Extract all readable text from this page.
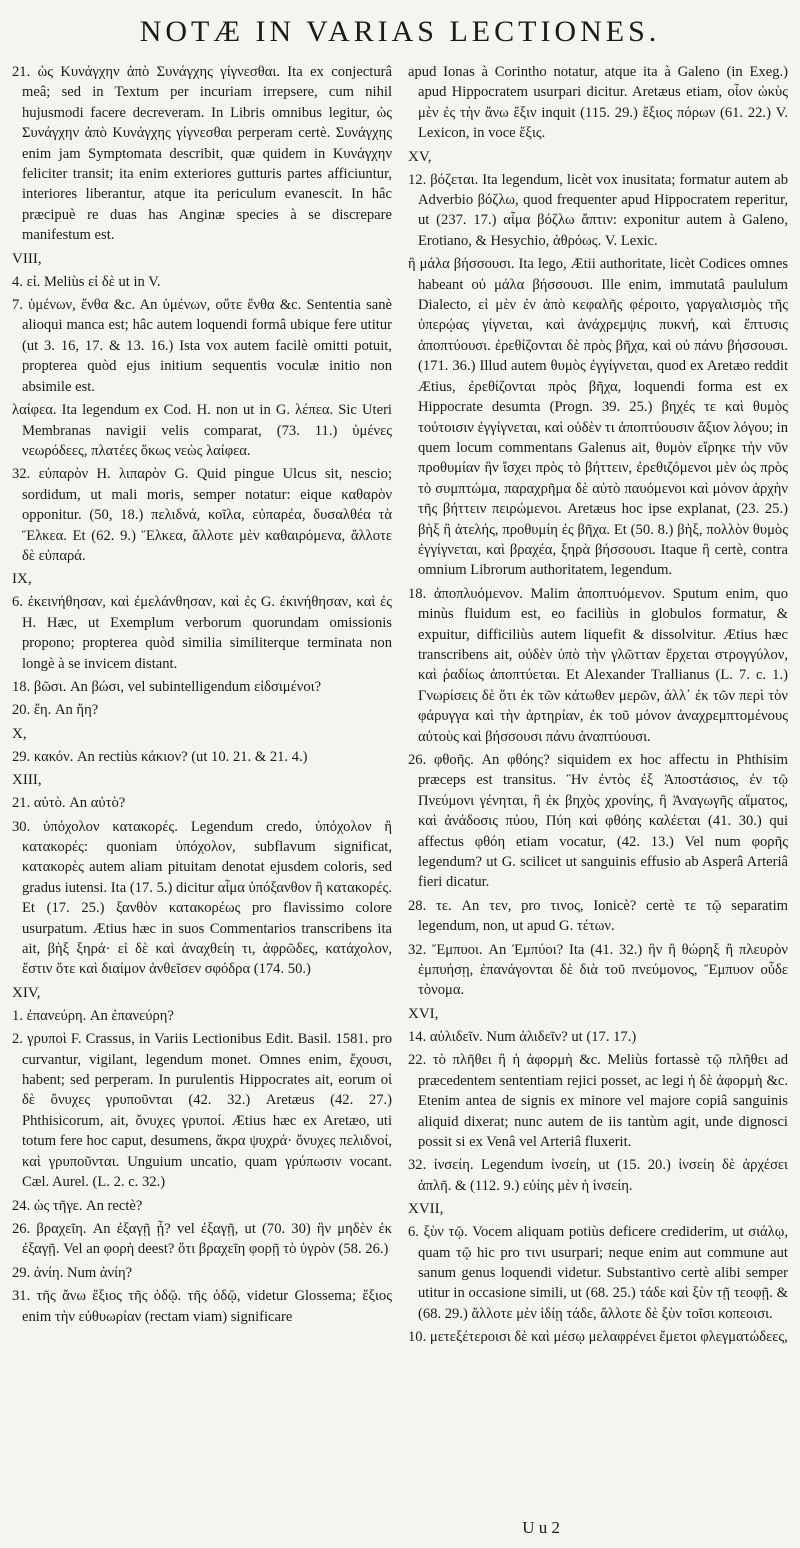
NOTÆ IN VARIAS LECTIONES.

21. ὡς Κυνάγχην ἀπὸ Συνάγχης γίγνεσθαι. Ita ex conjecturâ meâ; sed in Textum per incuriam irrepsere, cum nihil hujusmodi facere decreveram. In Libris omnibus legitur, ὡς Συνάγχην ἀπὸ Κυνάγχης γίγνεσθαι perperam certè. Συνάγχης enim jam Symptomata describit, quæ quidem in Κυνάγχην feliciter transit; ita enim exteriores gutturis partes afficiuntur, interiores liberantur, atque ita periculum evanescit. In hâc præcipuè re duas has Anginæ species à se discrepare manifestum est.

VIII,

4. εἰ. Meliùs εἰ δὲ ut in V.

7. ὑμένων, ἔνθα &c. An ὑμένων, οὔτε ἔνθα &c. Sententia sanè alioqui manca est; hâc autem loquendi formâ ubique fere utitur (ut 3. 16, 17. & 13. 16.) Ista vox autem facilè omitti potuit, propterea quòd ejus initium sequentis voculæ initio non absimile est.

λαίφεα. Ita legendum ex Cod. H. non ut in G. λέπεα. Sic Uteri Membranas navigii velis comparat, (73. 11.) ὑμένες νεωρόδεες, πλατέες ὅκως νεὼς λαίφεα.

32. εὐπαρὸν H. λιπαρὸν G. Quid pingue Ulcus sit, nescio; sordidum, ut mali moris, semper notatur: eique καθαρὸν opponitur. (50, 18.) πελιδνά, κοῖλα, εὐπαρέα, δυσαλθέα τὰ Ἕλκεα. Et (62. 9.) Ἕλκεα, ἄλλοτε μὲν καθαιρόμενα, ἄλλοτε δὲ εὐπαρά.

IX,

6. ἐκεινήθησαν, καὶ ἐμελάνθησαν, καὶ ἐς G. ἐκινήθησαν, καὶ ἐς H. Hæc, ut Exemplum verborum quorundam omissionis propono; propterea quòd similia similiterque terminata non longè à se invicem distant.

18. βῶσι. An βώσι, vel subintelligendum εἰδσιμένοι?

20. ἔη. An ἤη?

X,

29. κακόν. An rectiùs κάκιον? (ut 10. 21. & 21. 4.)

XIII,

21. αὐτὸ. An αὐτὸ?

30. ὑπόχολον κατακορές. Legendum credo, ὑπόχολον ἢ κατακορές: quoniam ὑπόχολον, subflavum significat, κατακορὲς autem aliam pituitam denotat ejusdem coloris, sed gradus iutensi. Ita (17. 5.) dicitur αἷμα ὑπόξανθον ἢ κατακορές. Et (17. 25.) ξανθὸν κατακορέως pro flavissimo colore usurpatum. Ætius hæc in suos Commentarios transcribens ita ait, βὴξ ξηρά· εἰ δὲ καὶ ἀναχθείη τι, ἀφρῶδες, κατάχολον, ἔστιν ὅτε καὶ διαίμον ἀνθεῖσεν σφόδρα (174. 50.)

XIV,

1. ἐπανεύρη. An ἐπανεύρη?

2. γρυποὶ F. Crassus, in Variis Lectionibus Edit. Basil. 1581. pro curvantur, vigilant, legendum monet. Omnes enim, ἔχουσι, habent; sed perperam. In purulentis Hippocrates ait, eorum οἱ δὲ ὄνυχες γρυποῦνται (42. 32.) Aretæus (42. 27.) Phthisicorum, ait, ὄνυχες γρυποί. Ætius hæc ex Aretæo, uti totum fere hoc caput, desumens, ἄκρα ψυχρά· ὄνυχες πελιδνοί, καὶ γρυποῦνται. Unguium uncatio, quam γρύπωσιν vocant. Cæl. Aurel. (L. 2. c. 32.)

24. ὡς τῆγε. An rectè?

26. βραχεῖη. An ἐξαγῇ ᾖ? vel ἐξαγῇ, ut (70. 30) ἣν μηδὲν ἐκ ἐξαγῇ. Vel an φορὴ deest? ὅτι βραχεῖη φορῇ τὸ ὑγρὸν (58. 26.)

29. ἀνίη. Num ἀνίη?

31. τῆς ἄνω ἕξιος τῆς ὁδῷ. τῆς ὁδῷ, videtur Glossema; ἕξιος enim τὴν εὐθυωρίαν (rectam viam) significare

apud Ionas à Corintho notatur, atque ita à Galeno (in Exeg.) apud Hippocratem usurpari dicitur. Aretæus etiam, οἷον ὠκὺς μὲν ἐς τὴν ἄνω ἕξιν inquit (115. 29.) ἕξιος πόρων (61. 22.) V. Lexicon, in voce ἕξις.

XV,

12. βόζεται. Ita legendum, licèt vox inusitata; formatur autem ab Adverbio βόζλω, quod frequenter apud Hippocratem reperitur, ut (237. 17.) αἷμα βόζλω ἄπτιν: exponitur autem à Galeno, Erotiano, & Hesychio, ἀθρόως. V. Lexic.

ἢ μάλα βήσσουσι. Ita lego, Ætii authoritate, licèt Codices omnes habeant οὐ μάλα βήσσουσι. Ille enim, immutatâ paululum Dialecto, εἰ μὲν ἐν ἀπὸ κεφαλῆς φέροιτο, γαργαλισμὸς τῆς ὑπερῴας γίγνεται, καὶ ἀνάχρεμψις πυκνή, καὶ ἔπτυσις ἀποπτύουσι. ἐρεθίζονται δὲ πρὸς βῆχα, καὶ οὐ πάνυ βήσσουσι. (171. 36.) Illud autem θυμὸς ἐγγίγνεται, quod ex Aretæo reddit Ætius, ἐρεθίζονται πρὸς βῆχα, loquendi forma est ex Hippocrate desumta (Progn. 39. 25.) βηχές τε καὶ θυμὸς τούτοισιν ἐγγίγνεται, καὶ οὐδὲν τι ἀποπτύουσιν ἄξιον λόγου; in quem locum commentans Galenus ait, θυμὸν εἴρηκε τὴν νῦν προθυμίαν ἣν ἴσχει πρὸς τὸ βήττειν, ἐρεθιζόμενοι μὲν ὡς πρὸς τὸ συμπτώμα, παραχρῆμα δὲ αὐτὸ παυόμενοι καὶ μόνον ἀρχὴν τῆς βήττειν πειρώμενοι. Aretæus hoc ipse explanat, (23. 25.) βὴξ ἢ ἀτελής, προθυμίη ἐς βῆχα. Et (50. 8.) βὴξ, πολλὸν θυμὸς ἐγγίγνεται, καὶ βραχέα, ξηρὰ βήσσουσι. Itaque ἢ certè, contra omnium Librorum authoritatem, legendum.

18. ἀποπλυόμενον. Malim ἀποπτυόμενον. Sputum enim, quo minùs fluidum est, eo faciliùs in globulos formatur, & expuitur, difficiliùs autem liquefit & dissolvitur. Ætius hæc transcribens ait, οὐδὲν ὑπὸ τὴν γλῶτταν ἔρχεται στρογγύλον, καὶ ῥαδίως ἀποπτύεται. Et Alexander Trallianus (L. 7. c. 1.) Γνωρίσεις δὲ ὅτι ἐκ τῶν κάτωθεν μερῶν, ἀλλ᾽ ἐκ τῶν περὶ τὸν φάρυγγα καὶ τὴν ἀρτηρίαν, ἐκ τοῦ μόνον ἀναχρεμπτομένους αὐτοὺς καὶ βήσσουσι πάνυ ἀναπτύουσι.

26. φθοῆς. An φθόης? siquidem ex hoc affectu in Phthisim præceps est transitus. Ἢν ἐντὸς ἐξ Ἀποστάσιος, ἐν τῷ Πνεύμονι γένηται, ἢ ἐκ βηχὸς χρονίης, ἢ Ἀναγωγῆς αἵματος, καὶ ἀνάδοσις πύου, Πύη καὶ φθόης καλέεται (41. 30.) qui affectus φθόη etiam vocatur, (42. 13.) Vel num φορῆς legendum? ut G. scilicet ut sanguinis effusio ab Asperâ Arteriâ fieri dicatur.

28. τε. An τεν, pro τινος, Ionicè? certè τε τῷ separatim legendum, non, ut apud G. τέτων.

32. Ἔμπυοι. An Ἐμπύοι? Ita (41. 32.) ἣν ἢ θώρηξ ἢ πλευρὸν ἐμπυήσῃ, ἐπανάγονται δὲ διὰ τοῦ πνεύμονος, Ἔμπυον οὖδε τὸνομα.

XVI,

14. αὐλιδεῖν. Num ἀλιδεῖν? ut (17. 17.)

22. τὸ πλῆθει ἢ ἡ ἀφορμὴ &c. Meliùs fortassè τῷ πλῆθει ad præcedentem sententiam rejici posset, ac legi ἡ δὲ ἀφορμὴ &c. Etenim antea de signis ex minore vel majore copiâ sanguinis aliquid dixerat; nunc autem de iis tantùm agit, unde dignosci possit si ex Venâ vel Arteriâ fluxerit.

32. ἰνσείη. Legendum ἰνσείη, ut (15. 20.) ἰνσείη δὲ ἀρχέσει ἁπλῆ. & (112. 9.) εὐίης μὲν ἡ ἰνσείη.

XVII,

6. ξὺν τῷ. Vocem aliquam potiùs deficere crediderim, ut σιάλῳ, quam τῷ hic pro τινι usurpari; neque enim aut commune aut sanum genus loquendi videtur. Substantivo certè alibi semper utitur in occasione simili, ut (68. 25.) τάδε καὶ ξὺν τῇ τεοφῇ. & (68. 29.) ἄλλοτε μὲν ἰδίῃ τάδε, ἄλλοτε δὲ ξὺν τοῖσι κοπεοισι.

10. μετεξέτεροισι δὲ καὶ μέσῳ μελαφρένει ἔμετοι φλεγματώδεες,

U u 2
